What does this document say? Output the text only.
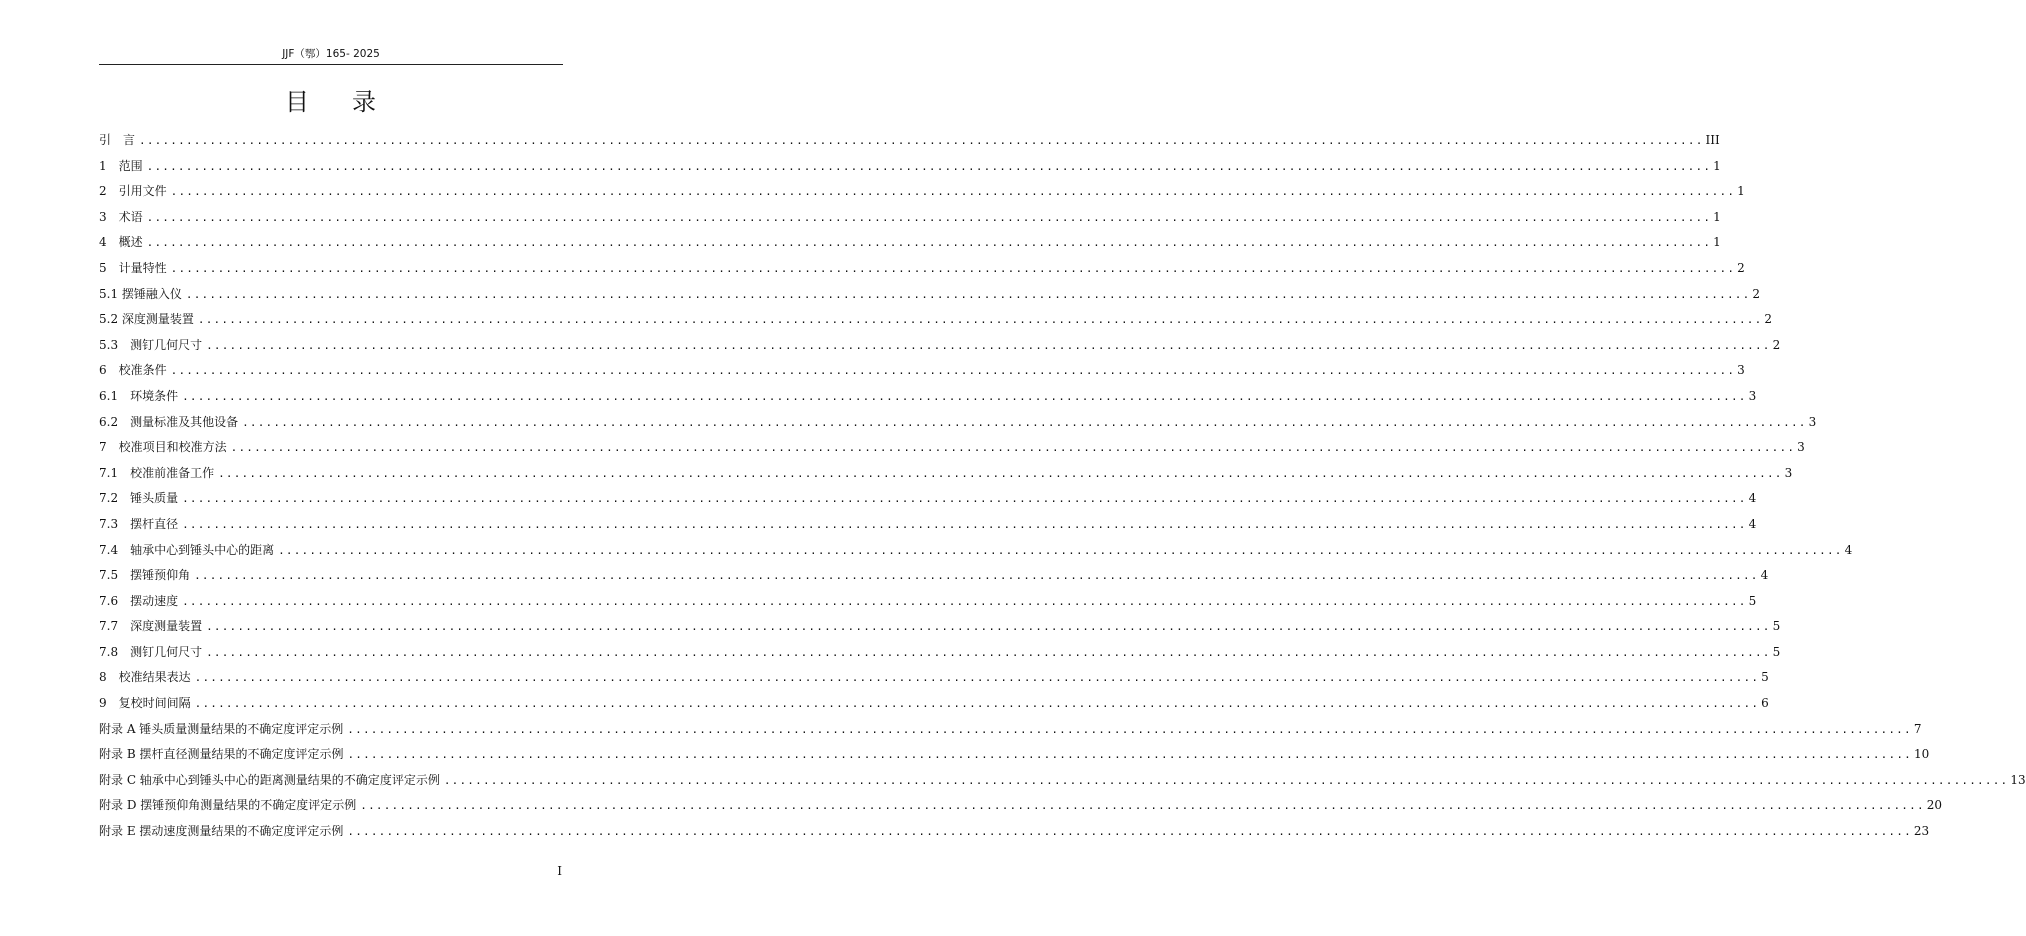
JJF（鄂）165- 2025
目 录
引　言 ........................................................................................................................................................................................................ III
1　范围 ........................................................................................................................................................................................................ 1
2　引用文件 ........................................................................................................................................................................................................ 1
3　术语 ........................................................................................................................................................................................................ 1
4　概述 ........................................................................................................................................................................................................ 1
5　计量特性 ........................................................................................................................................................................................................ 2
5.1 摆锤融入仪 ........................................................................................................................................................................................................ 2
5.2 深度测量装置 ........................................................................................................................................................................................................ 2
5.3　测钉几何尺寸 ........................................................................................................................................................................................................ 2
6　校准条件 ........................................................................................................................................................................................................ 3
6.1　环境条件 ........................................................................................................................................................................................................ 3
6.2　测量标准及其他设备 ........................................................................................................................................................................................................ 3
7　校准项目和校准方法 ........................................................................................................................................................................................................ 3
7.1　校准前准备工作 ........................................................................................................................................................................................................ 3
7.2　锤头质量 ........................................................................................................................................................................................................ 4
7.3　摆杆直径 ........................................................................................................................................................................................................ 4
7.4　轴承中心到锤头中心的距离 ........................................................................................................................................................................................................ 4
7.5　摆锤预仰角 ........................................................................................................................................................................................................ 4
7.6　摆动速度 ........................................................................................................................................................................................................ 5
7.7　深度测量装置 ........................................................................................................................................................................................................ 5
7.8　测钉几何尺寸 ........................................................................................................................................................................................................ 5
8　校准结果表达 ........................................................................................................................................................................................................ 5
9　复校时间间隔 ........................................................................................................................................................................................................ 6
附录 A 锤头质量测量结果的不确定度评定示例 ........................................................................................................................................................................................................ 7
附录 B 摆杆直径测量结果的不确定度评定示例 ........................................................................................................................................................................................................ 10
附录 C 轴承中心到锤头中心的距离测量结果的不确定度评定示例 ........................................................................................................................................................................................................ 13
附录 D 摆锤预仰角测量结果的不确定度评定示例 ........................................................................................................................................................................................................ 20
附录 E 摆动速度测量结果的不确定度评定示例 ........................................................................................................................................................................................................ 23
I
